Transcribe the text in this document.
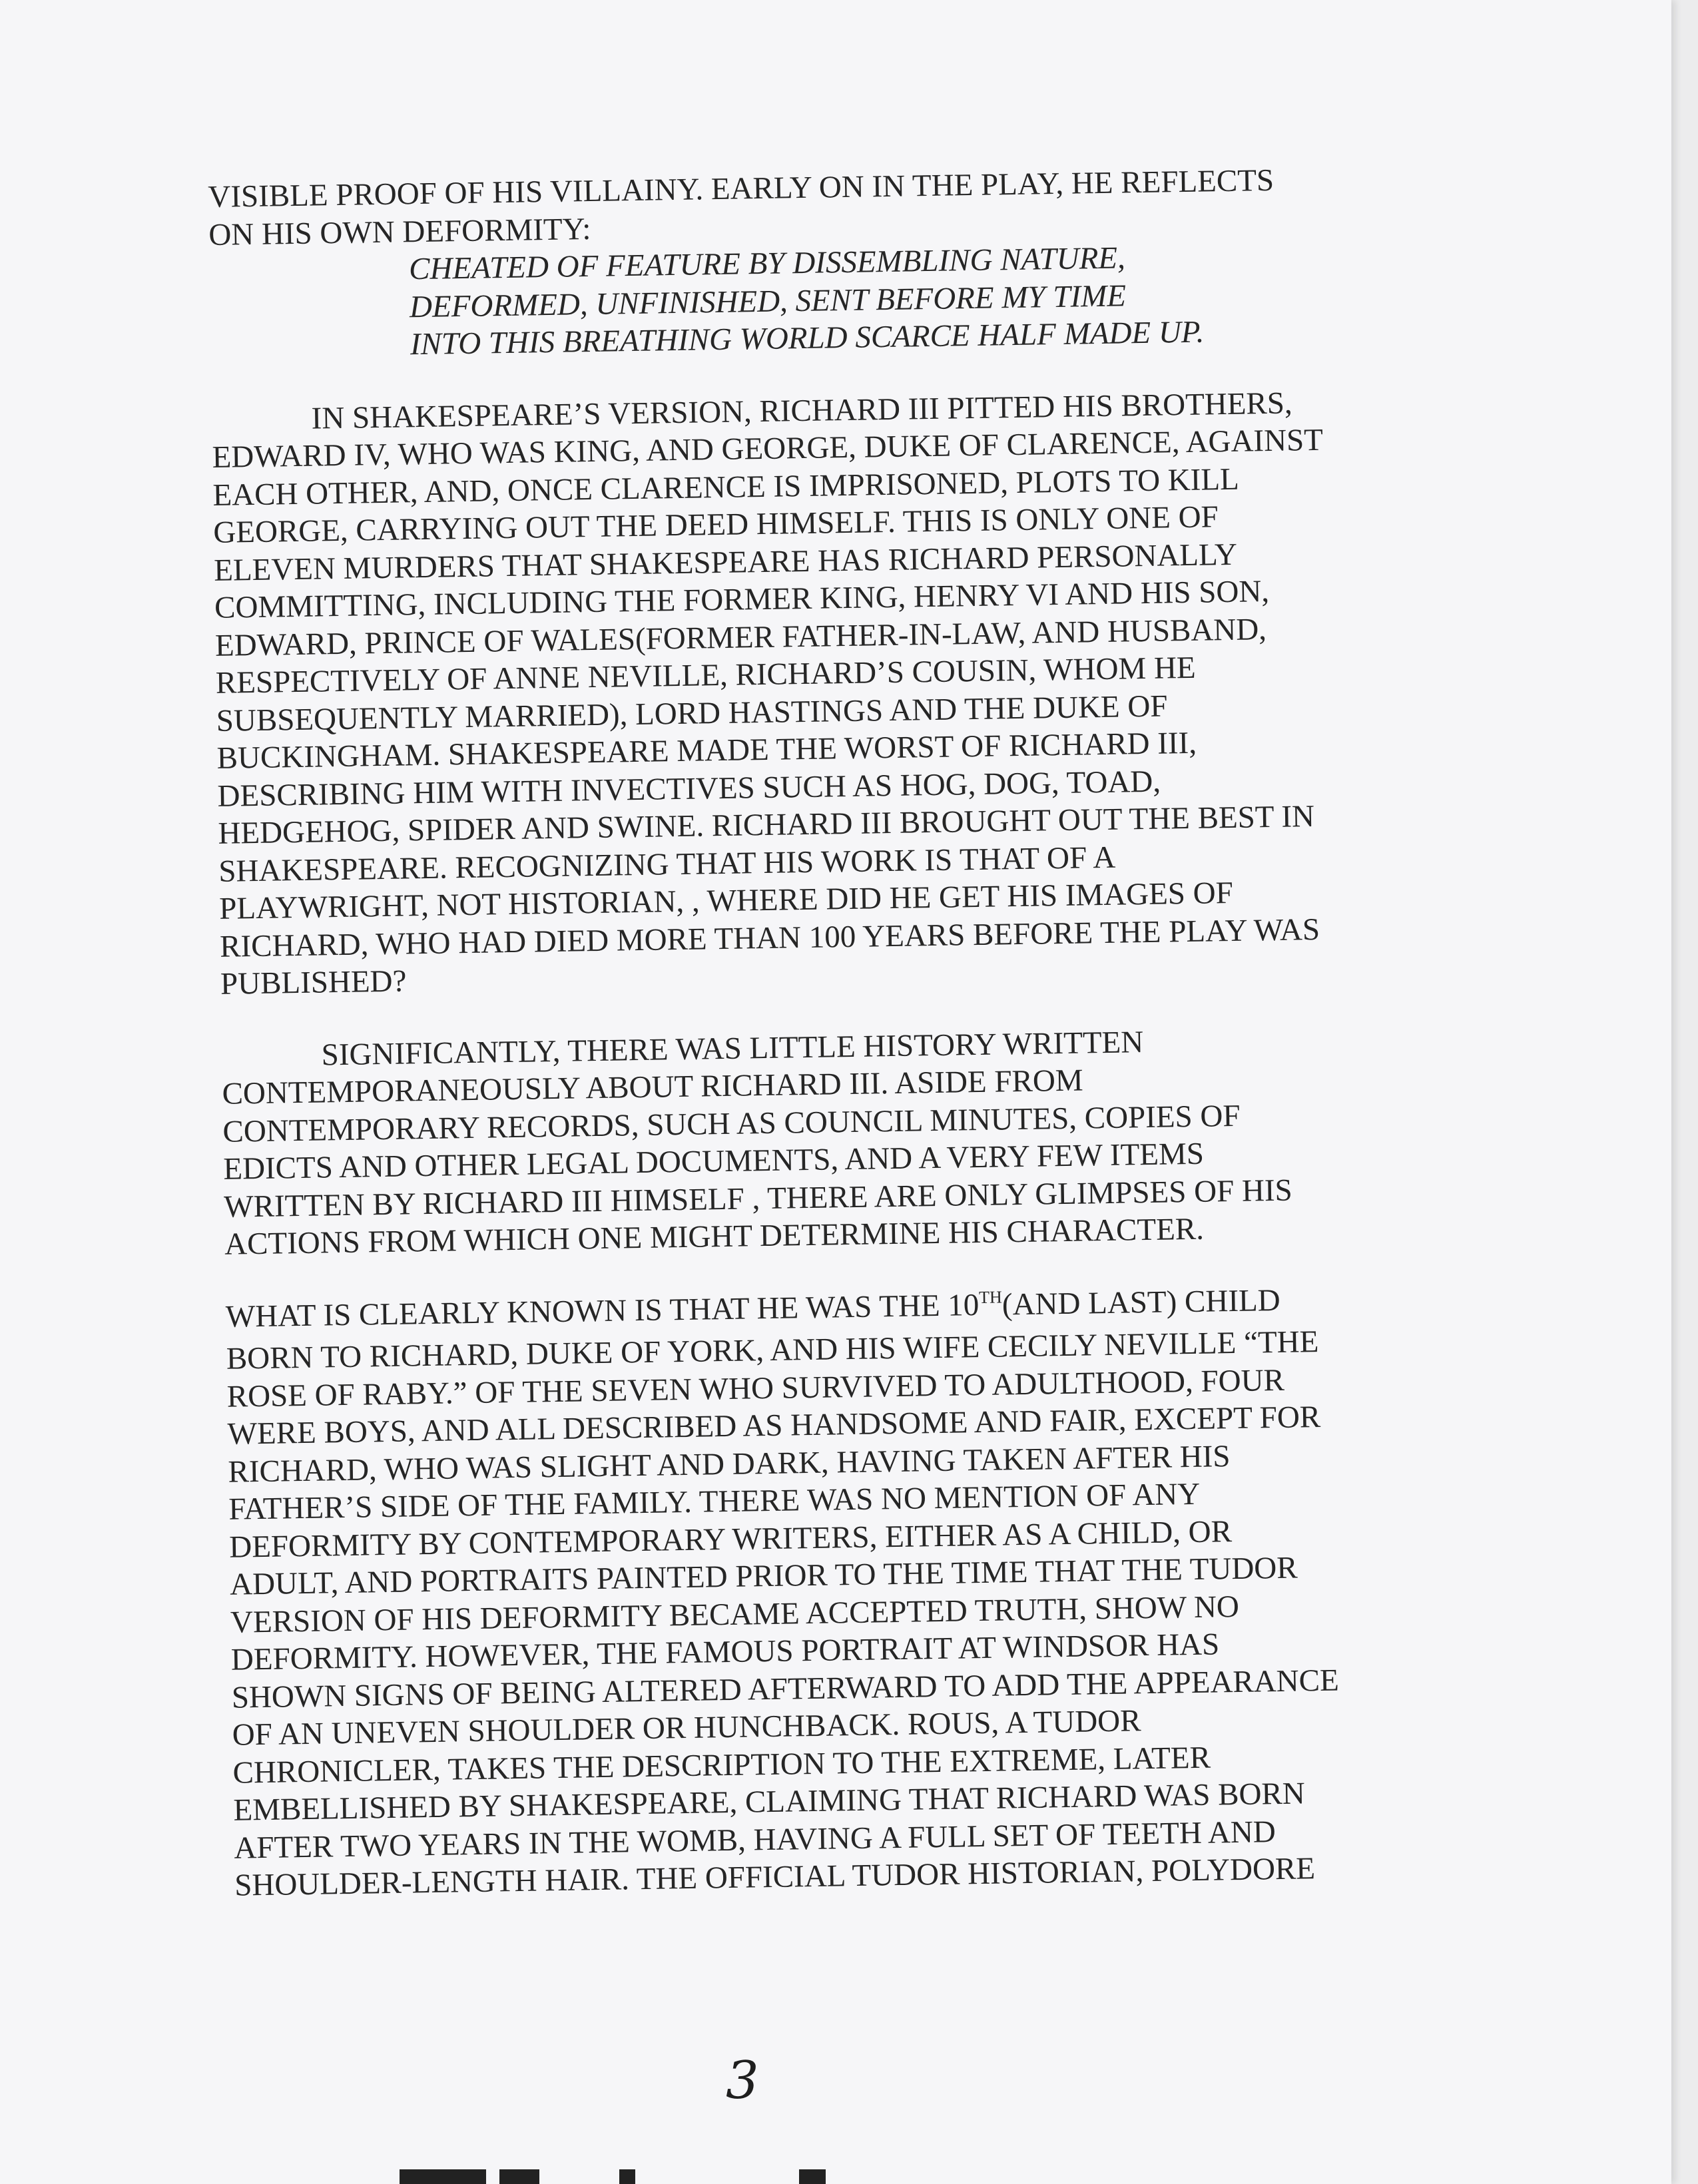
VISIBLE PROOF OF HIS VILLAINY. EARLY ON IN THE PLAY, HE REFLECTS
ON HIS OWN DEFORMITY:
CHEATED OF FEATURE BY DISSEMBLING NATURE,
DEFORMED, UNFINISHED, SENT BEFORE MY TIME
INTO THIS BREATHING WORLD SCARCE HALF MADE UP.
IN SHAKESPEARE’S VERSION, RICHARD III PITTED HIS BROTHERS,
EDWARD IV, WHO WAS KING, AND GEORGE, DUKE OF CLARENCE, AGAINST
EACH OTHER, AND, ONCE CLARENCE IS IMPRISONED, PLOTS TO KILL
GEORGE, CARRYING OUT THE DEED HIMSELF. THIS IS ONLY ONE OF
ELEVEN MURDERS THAT SHAKESPEARE HAS RICHARD PERSONALLY
COMMITTING, INCLUDING THE FORMER KING, HENRY VI AND HIS SON,
EDWARD, PRINCE OF WALES(FORMER FATHER-IN-LAW, AND HUSBAND,
RESPECTIVELY OF ANNE NEVILLE, RICHARD’S COUSIN, WHOM HE
SUBSEQUENTLY MARRIED), LORD HASTINGS AND THE DUKE OF
BUCKINGHAM. SHAKESPEARE MADE THE WORST OF RICHARD III,
DESCRIBING HIM WITH INVECTIVES SUCH AS HOG, DOG, TOAD,
HEDGEHOG, SPIDER AND SWINE. RICHARD III BROUGHT OUT THE BEST IN
SHAKESPEARE. RECOGNIZING THAT HIS WORK IS THAT OF A
PLAYWRIGHT, NOT HISTORIAN, , WHERE DID HE GET HIS IMAGES OF
RICHARD, WHO HAD DIED MORE THAN 100 YEARS BEFORE THE PLAY WAS
PUBLISHED?
SIGNIFICANTLY, THERE WAS LITTLE HISTORY WRITTEN
CONTEMPORANEOUSLY ABOUT RICHARD III. ASIDE FROM
CONTEMPORARY RECORDS, SUCH AS COUNCIL MINUTES, COPIES OF
EDICTS AND OTHER LEGAL DOCUMENTS, AND A VERY FEW ITEMS
WRITTEN BY RICHARD III HIMSELF , THERE ARE ONLY GLIMPSES OF HIS
ACTIONS FROM WHICH ONE MIGHT DETERMINE HIS CHARACTER.
WHAT IS CLEARLY KNOWN IS THAT HE WAS THE 10TH(AND LAST) CHILD
BORN TO RICHARD, DUKE OF YORK, AND HIS WIFE CECILY NEVILLE “THE
ROSE OF RABY.” OF THE SEVEN WHO SURVIVED TO ADULTHOOD, FOUR
WERE BOYS, AND ALL DESCRIBED AS HANDSOME AND FAIR, EXCEPT FOR
RICHARD, WHO WAS SLIGHT AND DARK, HAVING TAKEN AFTER HIS
FATHER’S SIDE OF THE FAMILY. THERE WAS NO MENTION OF ANY
DEFORMITY BY CONTEMPORARY WRITERS, EITHER AS A CHILD, OR
ADULT, AND PORTRAITS PAINTED PRIOR TO THE TIME THAT THE TUDOR
VERSION OF HIS DEFORMITY BECAME ACCEPTED TRUTH, SHOW NO
DEFORMITY. HOWEVER, THE FAMOUS PORTRAIT AT WINDSOR HAS
SHOWN SIGNS OF BEING ALTERED AFTERWARD TO ADD THE APPEARANCE
OF AN UNEVEN SHOULDER OR HUNCHBACK. ROUS, A TUDOR
CHRONICLER, TAKES THE DESCRIPTION TO THE EXTREME, LATER
EMBELLISHED BY SHAKESPEARE, CLAIMING THAT RICHARD WAS BORN
AFTER TWO YEARS IN THE WOMB, HAVING A FULL SET OF TEETH AND
SHOULDER-LENGTH HAIR. THE OFFICIAL TUDOR HISTORIAN, POLYDORE
3
